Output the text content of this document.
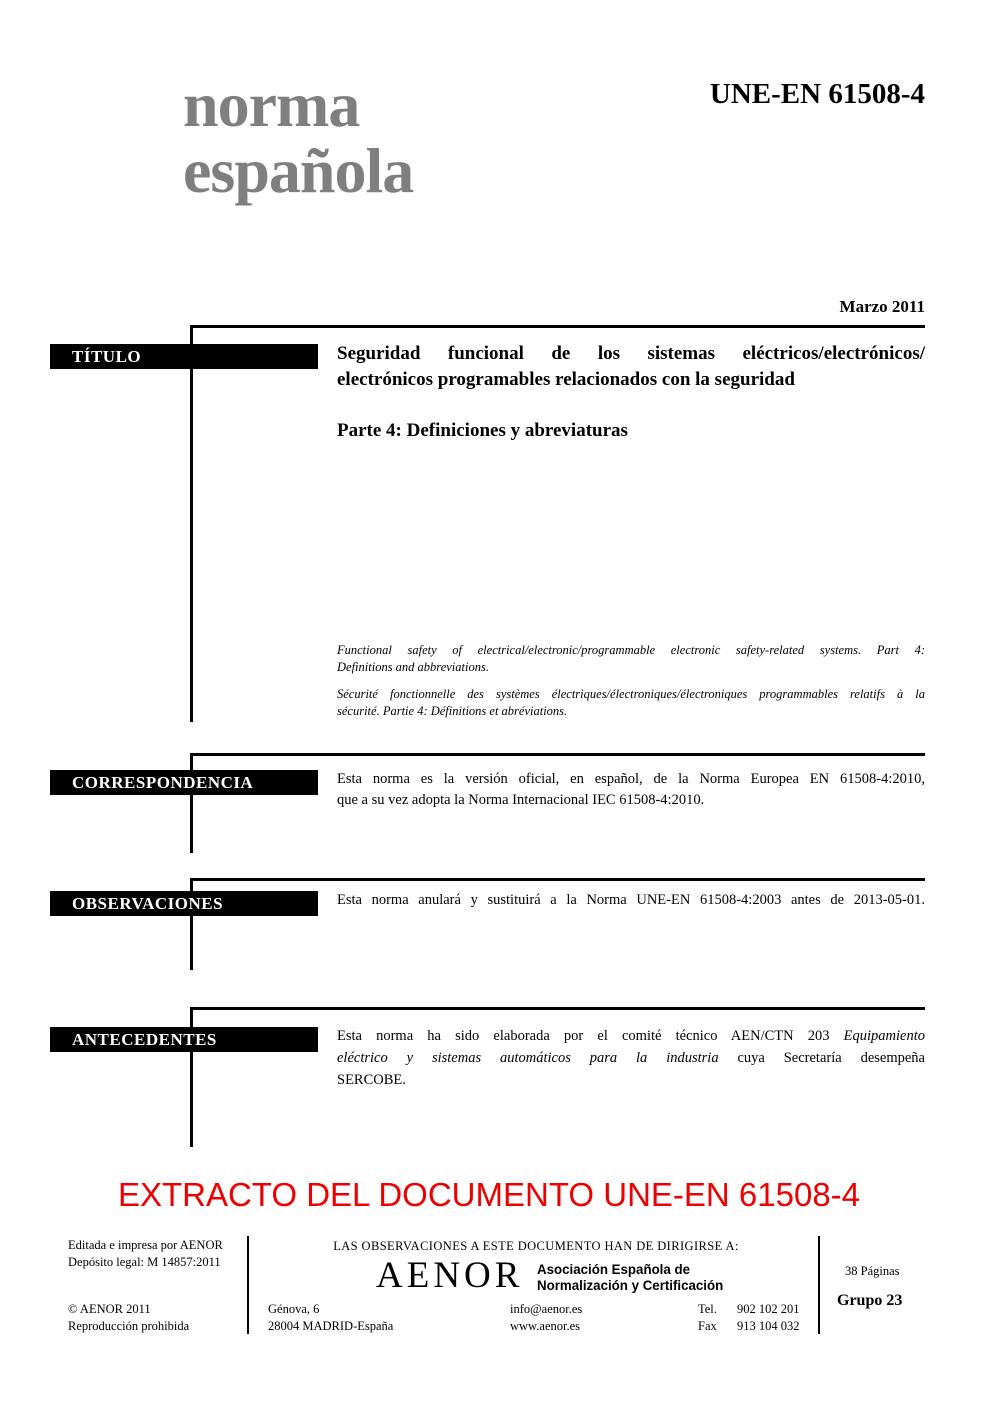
norma
española
UNE-EN 61508-4
Marzo 2011
TÍTULO	Seguridad funcional de los sistemas eléctricos/electrónicos/
electrónicos programables relacionados con la seguridad
Parte 4: Definiciones y abreviaturas
Functional safety of electrical/electronic/programmable electronic safety-related systems. Part 4:
Definitions and abbreviations.
Sécurité fonctionnelle des systèmes électriques/électroniques/électroniques programmables relatifs à la
sécurité. Partie 4: Définitions et abréviations.
CORRESPONDENCIA	Esta norma es la versión oficial, en español, de la Norma Europea EN 61508-4:2010,
que a su vez adopta la Norma Internacional IEC 61508-4:2010.
OBSERVACIONES	Esta norma anulará y sustituirá a la Norma UNE-EN 61508-4:2003 antes de 2013-05-01.
ANTECEDENTES	Esta norma ha sido elaborada por el comité técnico AEN/CTN 203 Equipamiento
eléctrico y sistemas automáticos para la industria cuya Secretaría desempeña
SERCOBE.
EXTRACTO DEL DOCUMENTO UNE-EN 61508-4
Editada e impresa por AENOR
Depósito legal: M 14857:2011
© AENOR 2011
Reproducción prohibida
LAS OBSERVACIONES A ESTE DOCUMENTO HAN DE DIRIGIRSE A:
AENOR Asociación Española de
Normalización y Certificación
Génova, 6
28004 MADRID-España
info@aenor.es
www.aenor.es
Tel.	902 102 201
Fax	913 104 032
38 Páginas
Grupo 23
